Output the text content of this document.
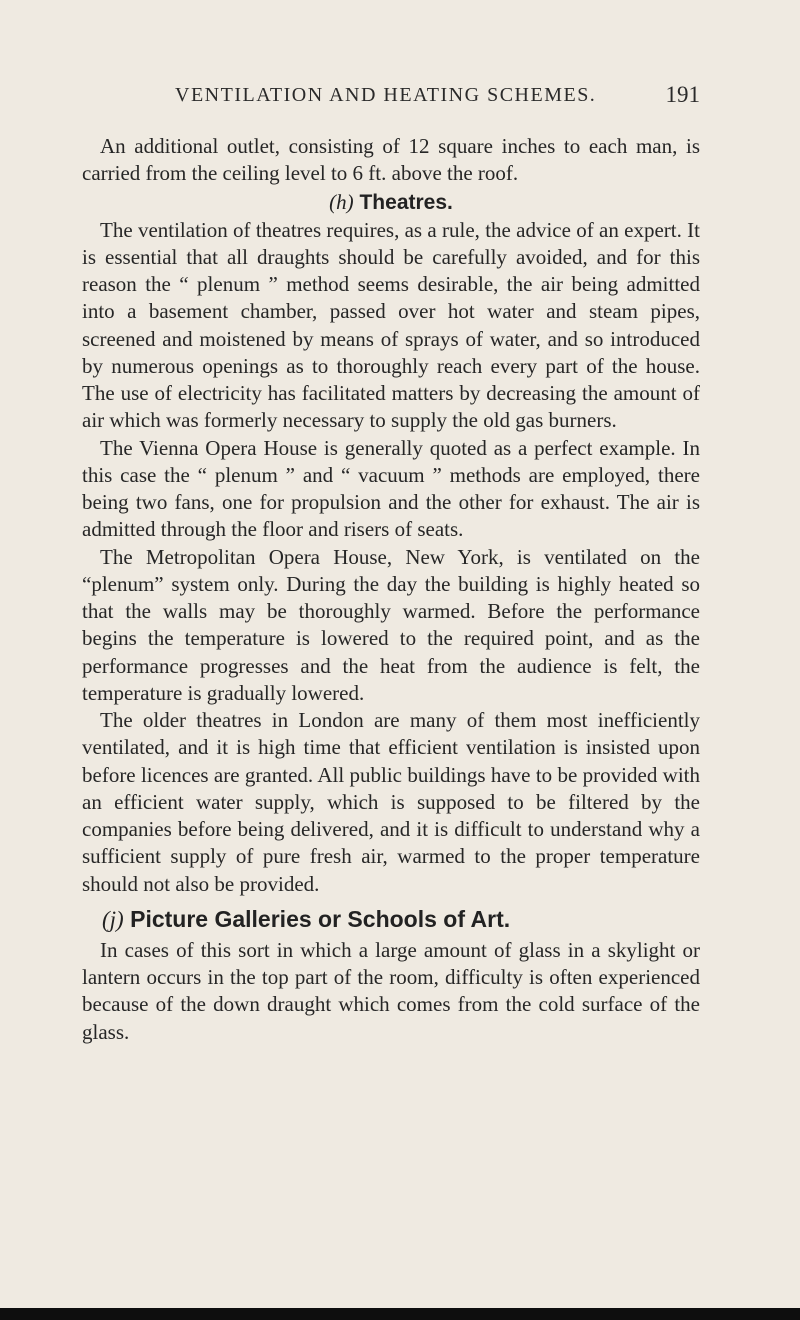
VENTILATION AND HEATING SCHEMES.	191

An additional outlet, consisting of 12 square inches to each man, is carried from the ceiling level to 6 ft. above the roof.

(h) Theatres.

The ventilation of theatres requires, as a rule, the advice of an expert. It is essential that all draughts should be carefully avoided, and for this reason the “ plenum ” method seems desirable, the air being admitted into a basement chamber, passed over hot water and steam pipes, screened and moistened by means of sprays of water, and so introduced by numerous openings as to thoroughly reach every part of the house. The use of electricity has facilitated matters by decreasing the amount of air which was formerly necessary to supply the old gas burners.

The Vienna Opera House is generally quoted as a perfect example. In this case the “ plenum ” and “ vacuum ” methods are employed, there being two fans, one for propulsion and the other for exhaust. The air is admitted through the floor and risers of seats.

The Metropolitan Opera House, New York, is ventilated on the “plenum” system only. During the day the building is highly heated so that the walls may be thoroughly warmed. Before the performance begins the temperature is lowered to the required point, and as the performance progresses and the heat from the audience is felt, the temperature is gradually lowered.

The older theatres in London are many of them most inefficiently ventilated, and it is high time that efficient ventilation is insisted upon before licences are granted. All public buildings have to be provided with an efficient water supply, which is supposed to be filtered by the companies before being delivered, and it is difficult to understand why a sufficient supply of pure fresh air, warmed to the proper temperature should not also be provided.

(j) Picture Galleries or Schools of Art.

In cases of this sort in which a large amount of glass in a skylight or lantern occurs in the top part of the room, difficulty is often experienced because of the down draught which comes from the cold surface of the glass.
